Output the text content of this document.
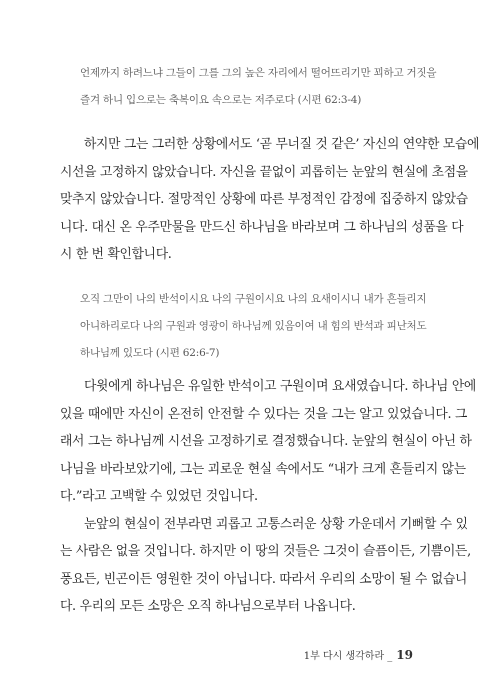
언제까지 하려느냐 그들이 그를 그의 높은 자리에서 떨어뜨리기만 꾀하고 거짓을
즐겨 하니 입으로는 축복이요 속으로는 저주로다 (시편 62:3-4)
하지만 그는 그러한 상황에서도 ‘곧 무너질 것 같은’ 자신의 연약한 모습에
시선을 고정하지 않았습니다. 자신을 끝없이 괴롭히는 눈앞의 현실에 초점을
맞추지 않았습니다. 절망적인 상황에 따른 부정적인 감정에 집중하지 않았습
니다. 대신 온 우주만물을 만드신 하나님을 바라보며 그 하나님의 성품을 다
시 한 번 확인합니다.
오직 그만이 나의 반석이시요 나의 구원이시요 나의 요새이시니 내가 흔들리지
아니하리로다 나의 구원과 영광이 하나님께 있음이여 내 힘의 반석과 피난처도
하나님께 있도다 (시편 62:6-7)
다윗에게 하나님은 유일한 반석이고 구원이며 요새였습니다. 하나님 안에
있을 때에만 자신이 온전히 안전할 수 있다는 것을 그는 알고 있었습니다. 그
래서 그는 하나님께 시선을 고정하기로 결정했습니다. 눈앞의 현실이 아닌 하
나님을 바라보았기에, 그는 괴로운 현실 속에서도 “내가 크게 흔들리지 않는
다.”라고 고백할 수 있었던 것입니다.
눈앞의 현실이 전부라면 괴롭고 고통스러운 상황 가운데서 기뻐할 수 있
는 사람은 없을 것입니다. 하지만 이 땅의 것들은 그것이 슬픔이든, 기쁨이든,
풍요든, 빈곤이든 영원한 것이 아닙니다. 따라서 우리의 소망이 될 수 없습니
다. 우리의 모든 소망은 오직 하나님으로부터 나옵니다.
1부 다시 생각하라 _ 19
